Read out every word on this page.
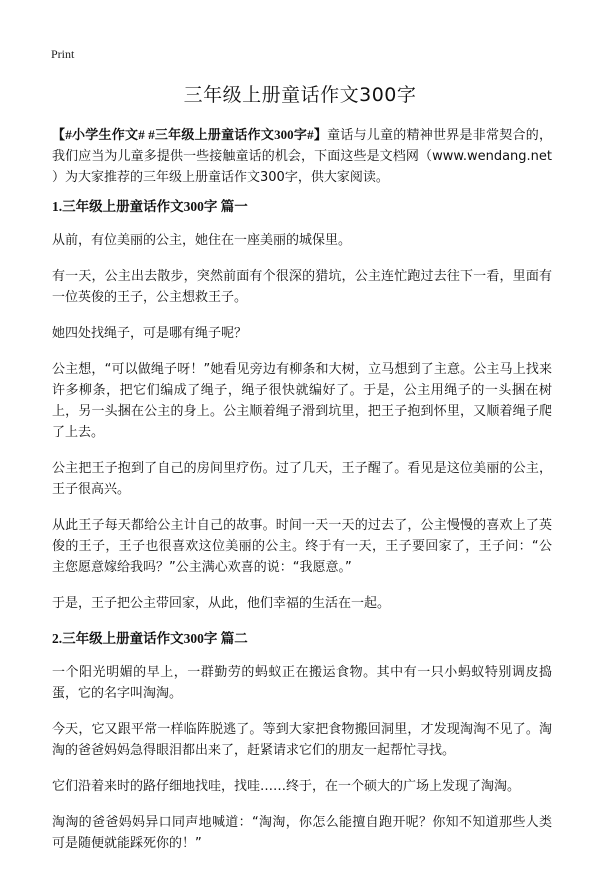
Print
三年级上册童话作文300字

【#小学生作文# #三年级上册童话作文300字#】童话与儿童的精神世界是非常契合的，我们应当为儿童多提供一些接触童话的机会，下面这些是文档网（www.wendang.net ）为大家推荐的三年级上册童话作文300字，供大家阅读。

1.三年级上册童话作文300字 篇一

从前，有位美丽的公主，她住在一座美丽的城保里。

有一天，公主出去散步，突然前面有个很深的猎坑，公主连忙跑过去往下一看，里面有一位英俊的王子，公主想救王子。

她四处找绳子，可是哪有绳子呢？

公主想，“可以做绳子呀！”她看见旁边有柳条和大树，立马想到了主意。公主马上找来许多柳条，把它们编成了绳子，绳子很快就编好了。于是，公主用绳子的一头捆在树上，另一头捆在公主的身上。公主顺着绳子滑到坑里，把王子抱到怀里，又顺着绳子爬了上去。

公主把王子抱到了自己的房间里疗伤。过了几天，王子醒了。看见是这位美丽的公主，王子很高兴。

从此王子每天都给公主计自己的故事。时间一天一天的过去了，公主慢慢的喜欢上了英俊的王子，王子也很喜欢这位美丽的公主。终于有一天，王子要回家了，王子问：“公主您愿意嫁给我吗？”公主满心欢喜的说：“我愿意。”

于是，王子把公主带回家，从此，他们幸福的生活在一起。

2.三年级上册童话作文300字 篇二

一个阳光明媚的早上，一群勤劳的蚂蚁正在搬运食物。其中有一只小蚂蚁特别调皮捣蛋，它的名字叫淘淘。

今天，它又跟平常一样临阵脱逃了。等到大家把食物搬回洞里，才发现淘淘不见了。淘淘的爸爸妈妈急得眼泪都出来了，赶紧请求它们的朋友一起帮忙寻找。

它们沿着来时的路仔细地找哇，找哇……终于，在一个硕大的广场上发现了淘淘。

淘淘的爸爸妈妈异口同声地喊道：“淘淘，你怎么能擅自跑开呢？你知不知道那些人类可是随便就能踩死你的！”
